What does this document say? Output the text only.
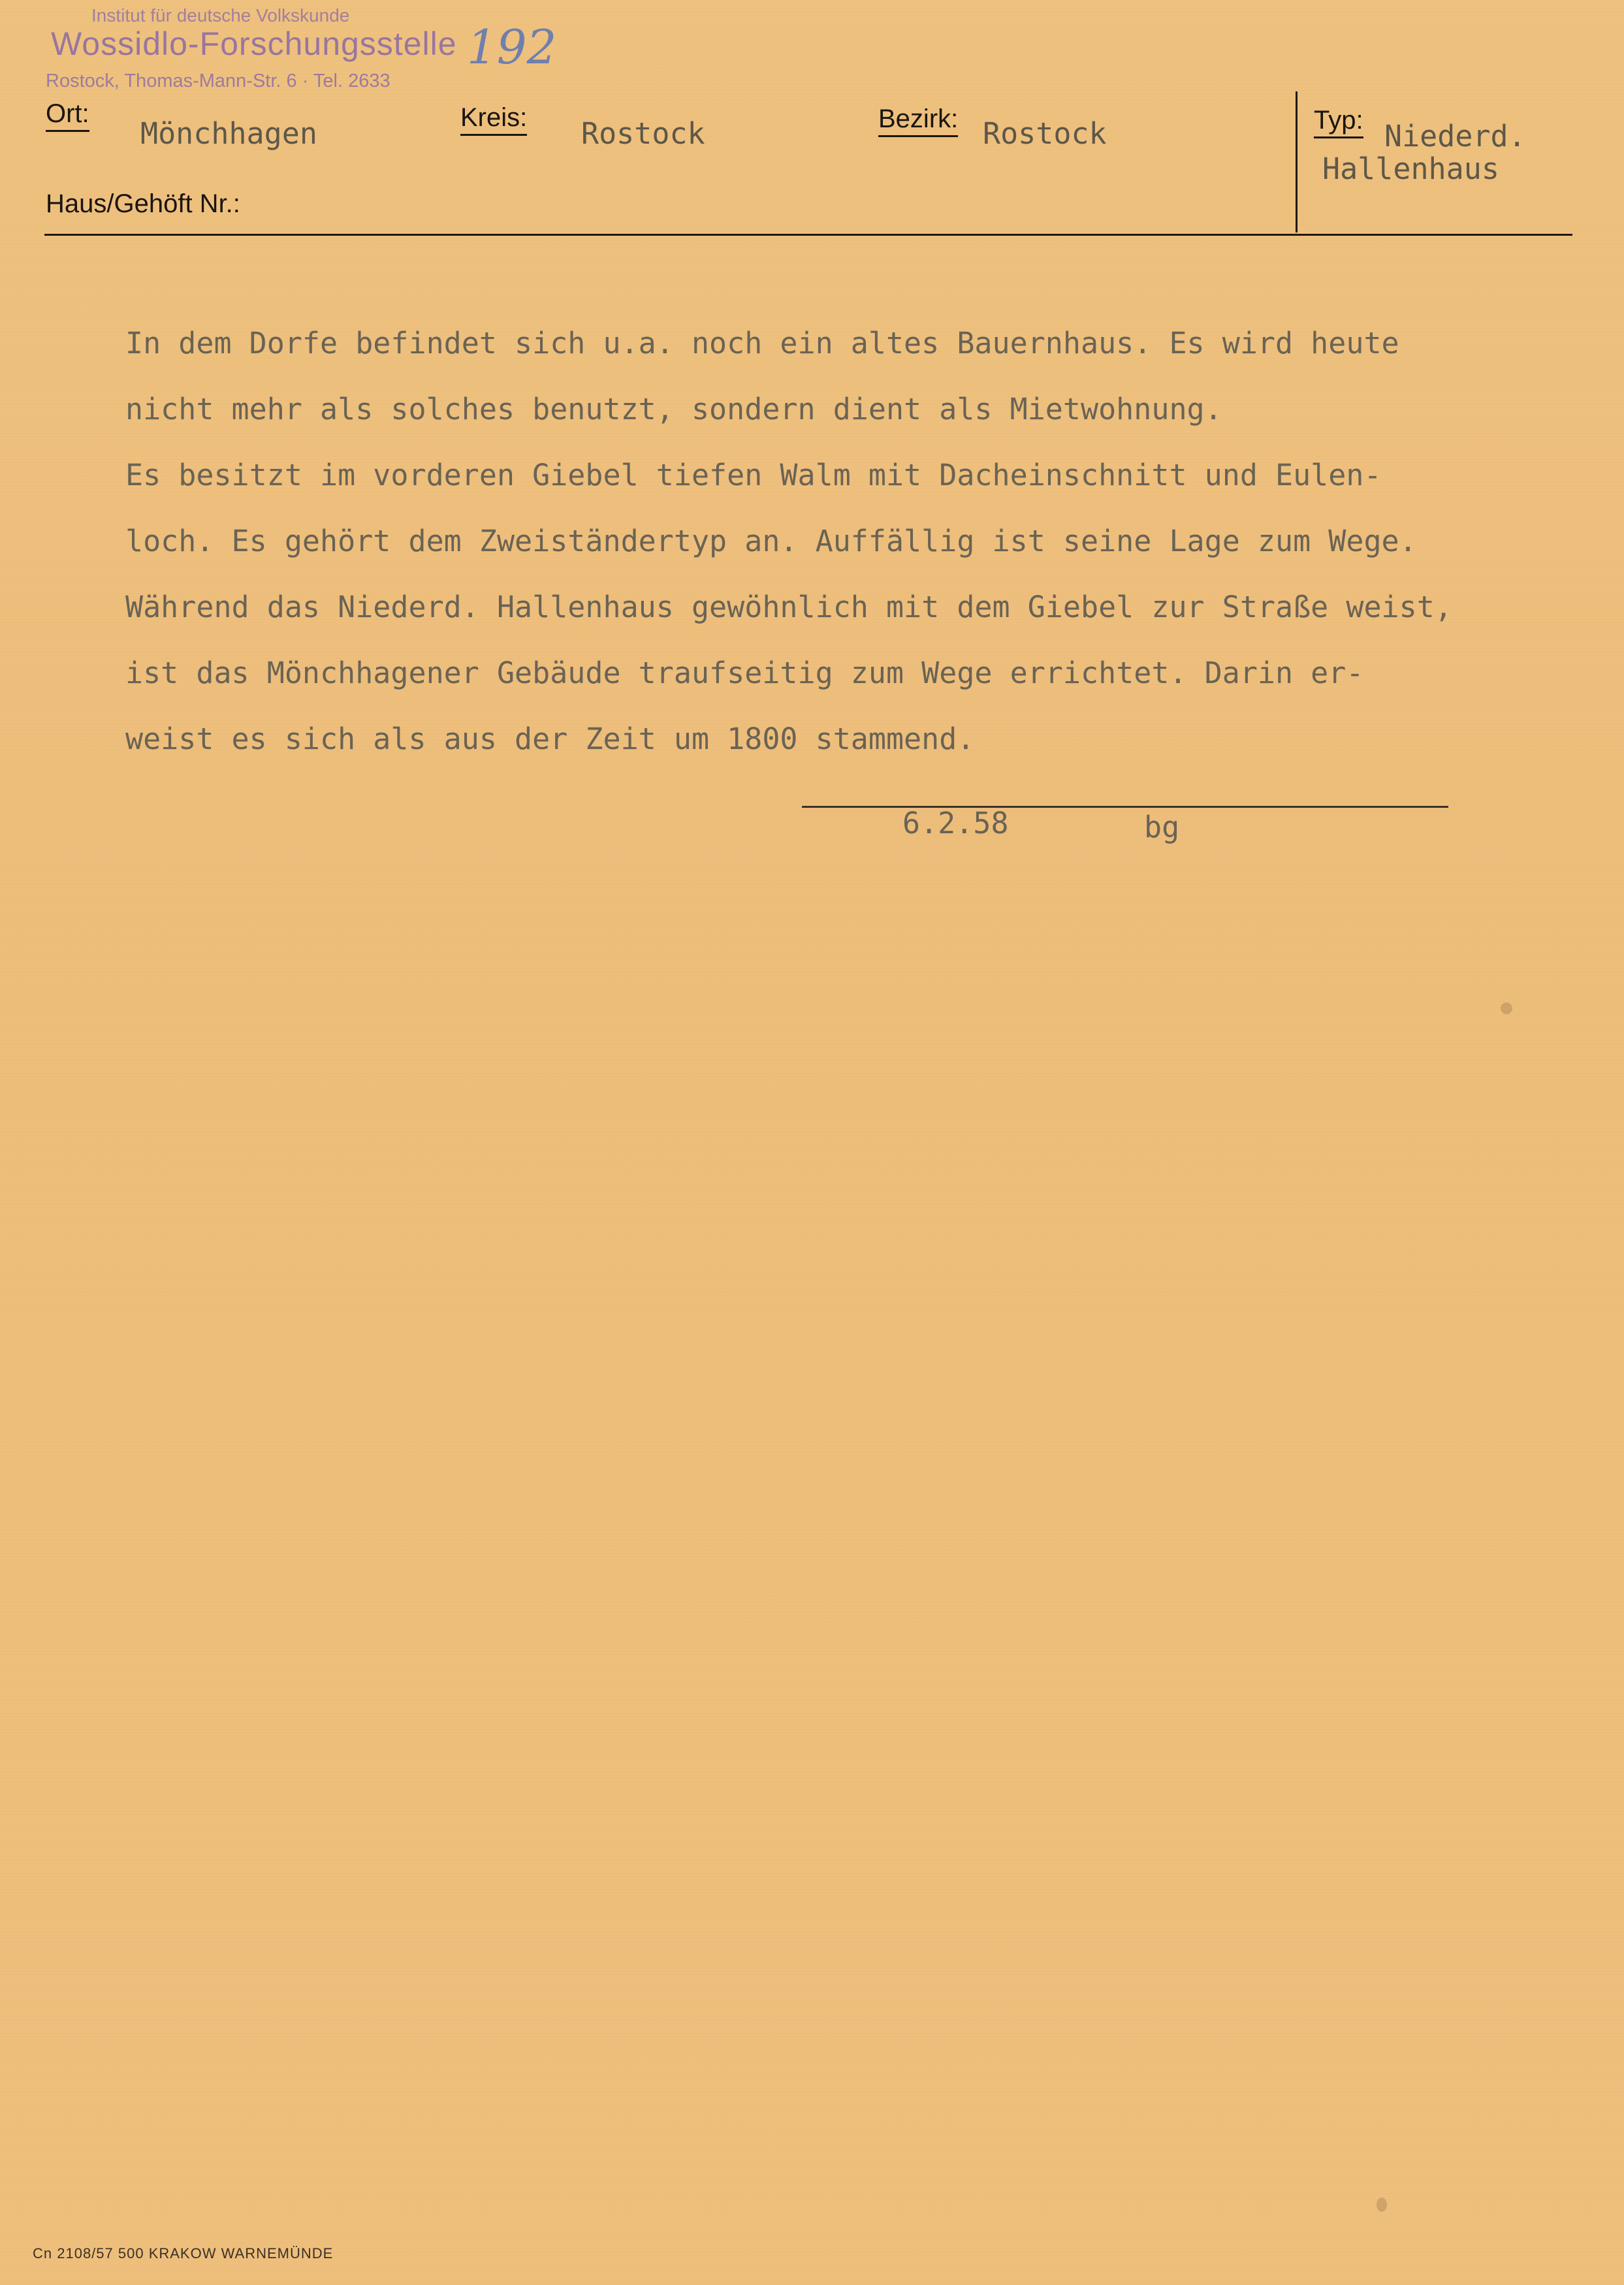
Institut für deutsche Volkskunde
Wossidlo-Forschungsstelle
Rostock, Thomas-Mann-Str. 6 · Tel. 2633
192
Ort:
Mönchhagen	Kreis: Rostock	Bezirk: Rostock	Typ: Niederd.
Hallenhaus
Haus/Gehöft Nr.:
In dem Dorfe befindet sich u.a. noch ein altes Bauernhaus. Es wird heute
nicht mehr als solches benutzt, sondern dient als Mietwohnung.
Es besitzt im vorderen Giebel tiefen Walm mit Dacheinschnitt und Eulen-
loch. Es gehört dem Zweiständertyp an. Auffällig ist seine Lage zum Wege.
Während das Niederd. Hallenhaus gewöhnlich mit dem Giebel zur Straße weist,
ist das Mönchhagener Gebäude traufseitig zum Wege errichtet. Darin er-
weist es sich als aus der Zeit um 1800 stammend.
6.2.58	bg
Cn 2108/57 500 KRAKOW WARNEMÜNDE
